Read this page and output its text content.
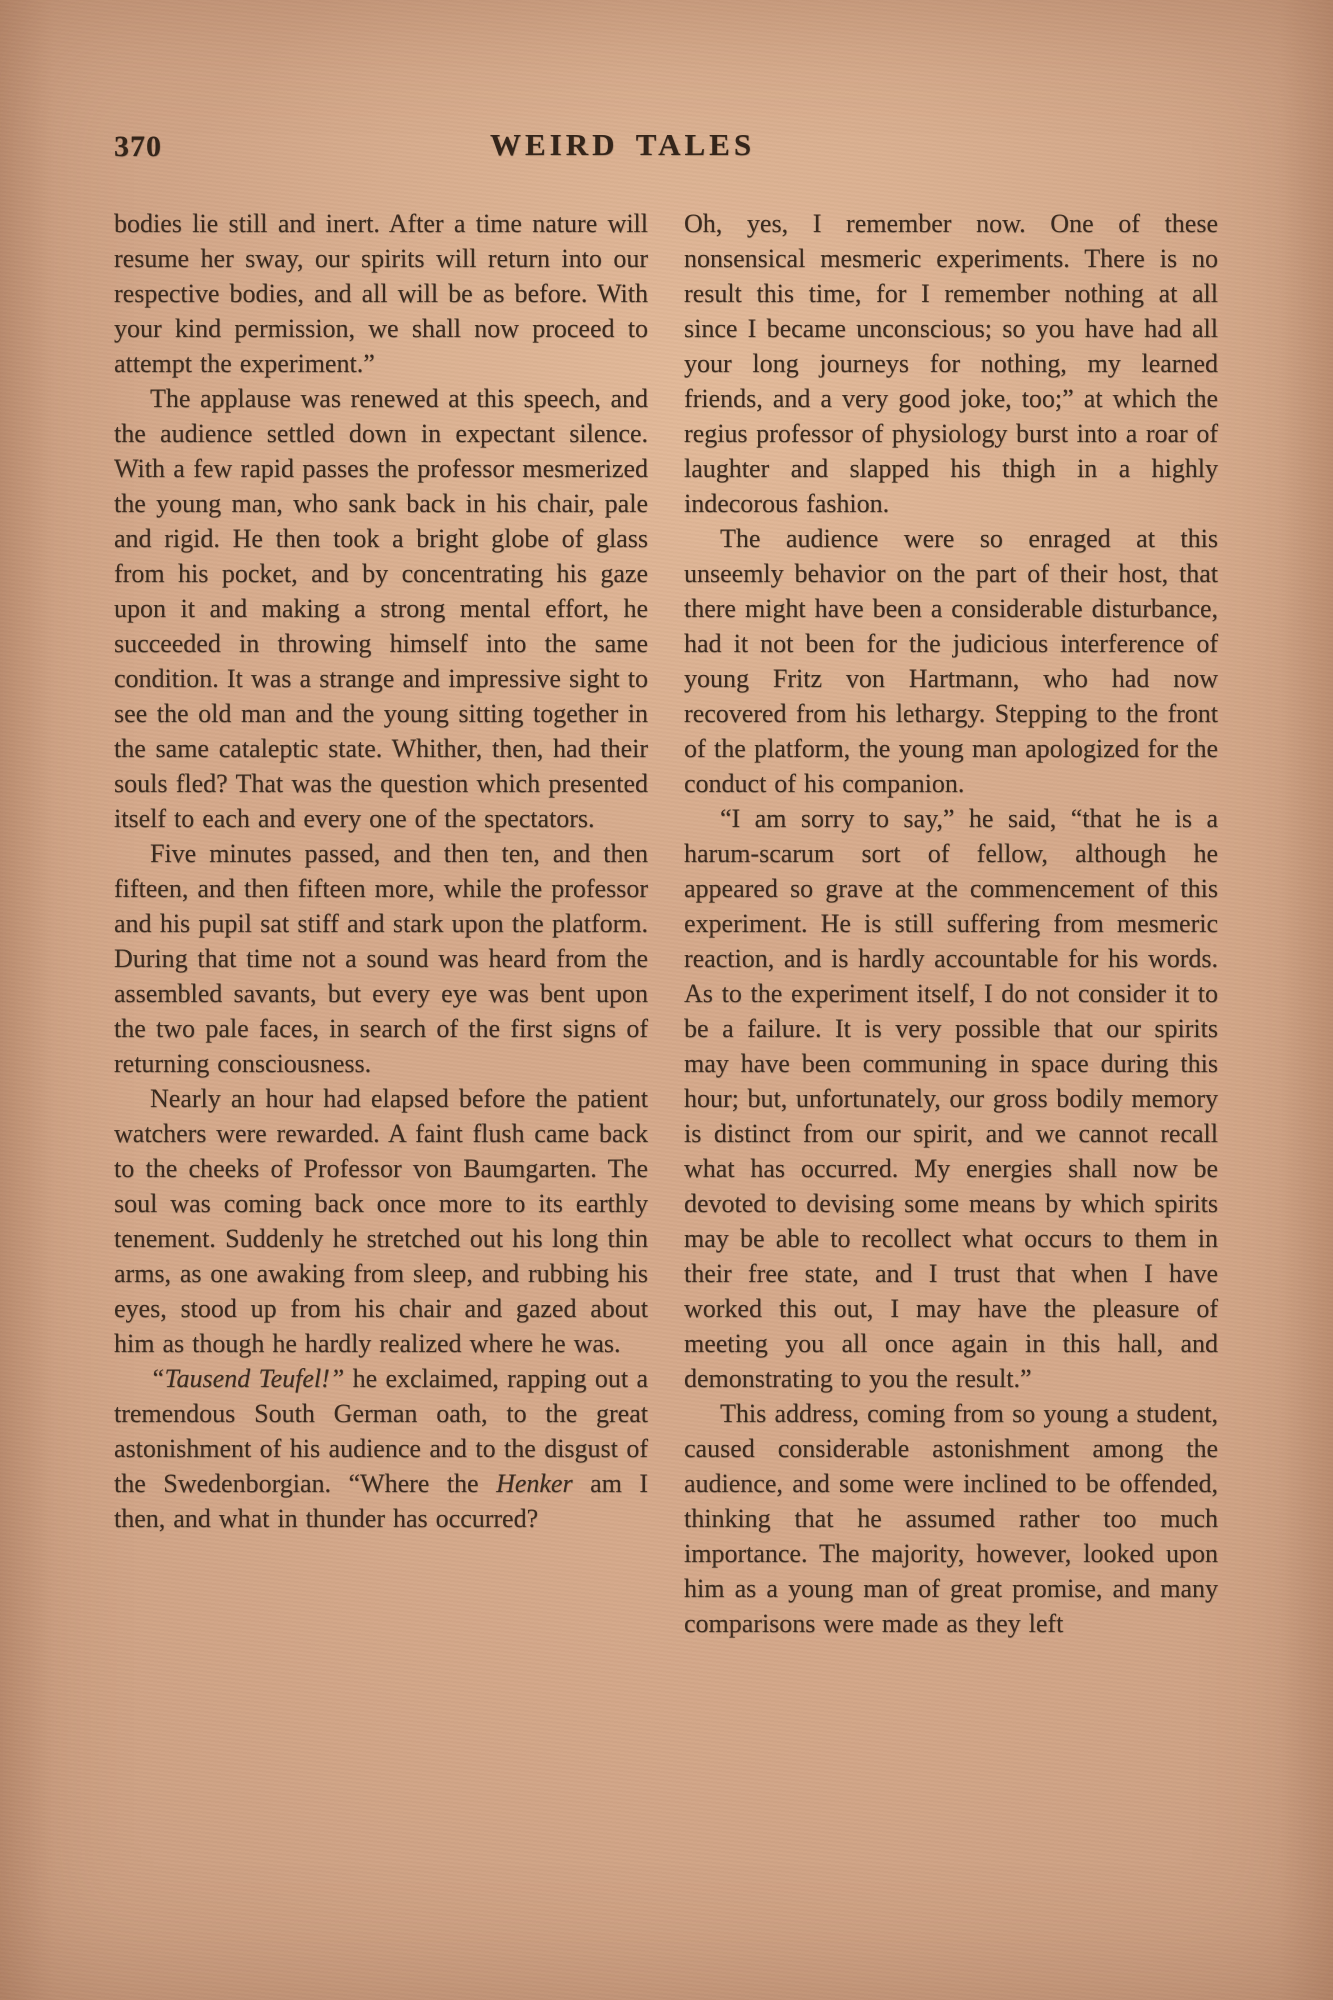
370	WEIRD TALES

bodies lie still and inert. After a time nature will resume her sway, our spirits will return into our respective bodies, and all will be as before. With your kind permission, we shall now proceed to attempt the experiment.”

The applause was renewed at this speech, and the audience settled down in expectant silence. With a few rapid passes the professor mesmerized the young man, who sank back in his chair, pale and rigid. He then took a bright globe of glass from his pocket, and by concentrating his gaze upon it and making a strong mental effort, he succeeded in throwing himself into the same condition. It was a strange and impressive sight to see the old man and the young sitting together in the same cataleptic state. Whither, then, had their souls fled? That was the question which presented itself to each and every one of the spectators.

Five minutes passed, and then ten, and then fifteen, and then fifteen more, while the professor and his pupil sat stiff and stark upon the platform. During that time not a sound was heard from the assembled savants, but every eye was bent upon the two pale faces, in search of the first signs of returning consciousness.

Nearly an hour had elapsed before the patient watchers were rewarded. A faint flush came back to the cheeks of Professor von Baumgarten. The soul was coming back once more to its earthly tenement. Suddenly he stretched out his long thin arms, as one awaking from sleep, and rubbing his eyes, stood up from his chair and gazed about him as though he hardly realized where he was.

“Tausend Teufel!” he exclaimed, rapping out a tremendous South German oath, to the great astonishment of his audience and to the disgust of the Swedenborgian. “Where the Henker am I then, and what in thunder has occurred?

Oh, yes, I remember now. One of these nonsensical mesmeric experiments. There is no result this time, for I remember nothing at all since I became unconscious; so you have had all your long journeys for nothing, my learned friends, and a very good joke, too;” at which the regius professor of physiology burst into a roar of laughter and slapped his thigh in a highly indecorous fashion.

The audience were so enraged at this unseemly behavior on the part of their host, that there might have been a considerable disturbance, had it not been for the judicious interference of young Fritz von Hartmann, who had now recovered from his lethargy. Stepping to the front of the platform, the young man apologized for the conduct of his companion.

“I am sorry to say,” he said, “that he is a harum-scarum sort of fellow, although he appeared so grave at the commencement of this experiment. He is still suffering from mesmeric reaction, and is hardly accountable for his words. As to the experiment itself, I do not consider it to be a failure. It is very possible that our spirits may have been communing in space during this hour; but, unfortunately, our gross bodily memory is distinct from our spirit, and we cannot recall what has occurred. My energies shall now be devoted to devising some means by which spirits may be able to recollect what occurs to them in their free state, and I trust that when I have worked this out, I may have the pleasure of meeting you all once again in this hall, and demonstrating to you the result.”

This address, coming from so young a student, caused considerable astonishment among the audience, and some were inclined to be offended, thinking that he assumed rather too much importance. The majority, however, looked upon him as a young man of great promise, and many comparisons were made as they left
